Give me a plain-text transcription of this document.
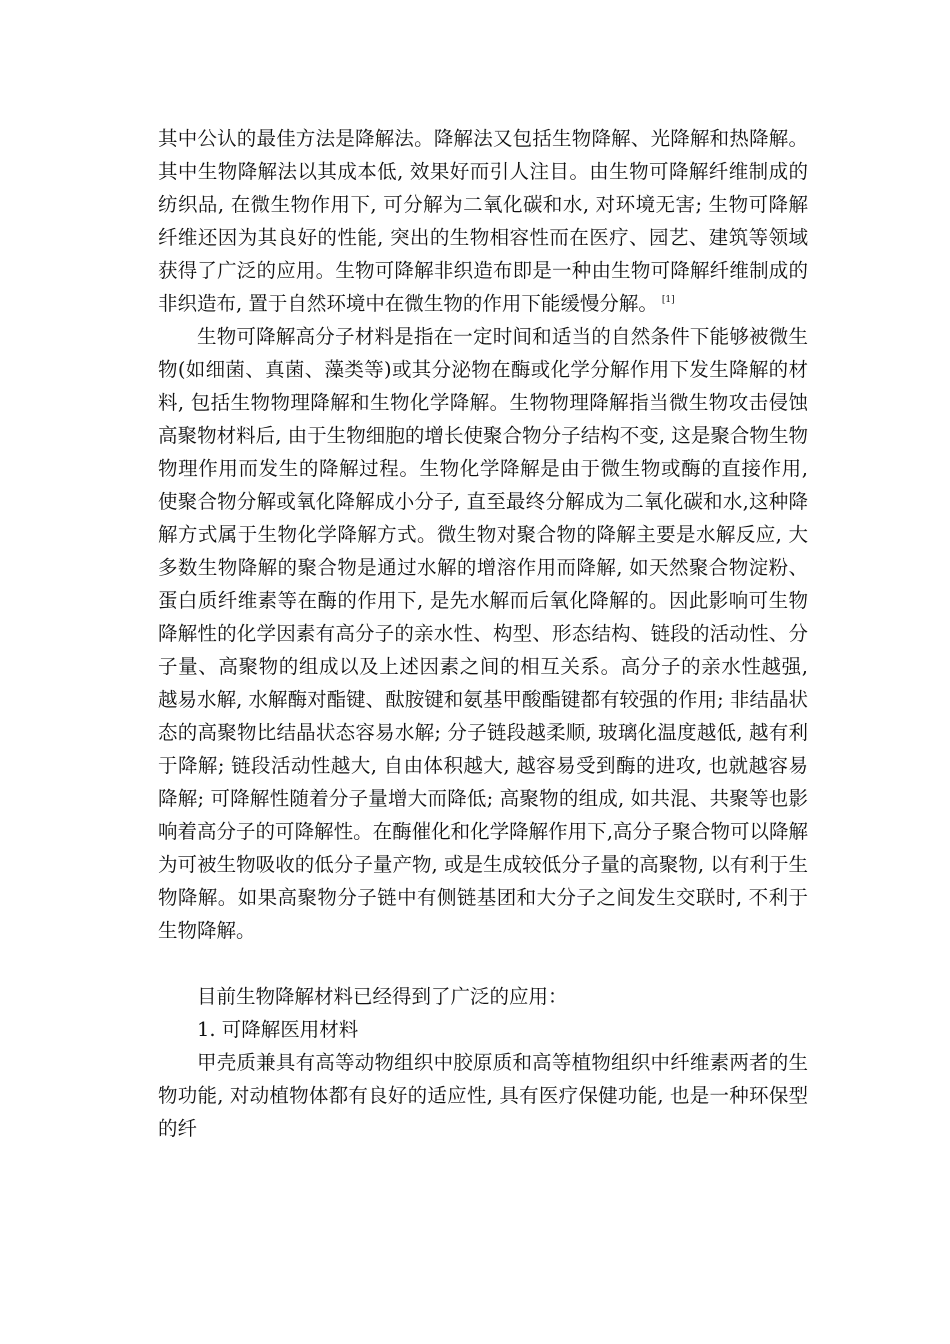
其中公认的最佳方法是降解法。降解法又包括生物降解、光降解和热降解。其中生物降解法以其成本低, 效果好而引人注目。由生物可降解纤维制成的纺织品, 在微生物作用下, 可分解为二氧化碳和水, 对环境无害; 生物可降解纤维还因为其良好的性能, 突出的生物相容性而在医疗、园艺、建筑等领域获得了广泛的应用。生物可降解非织造布即是一种由生物可降解纤维制成的非织造布, 置于自然环境中在微生物的作用下能缓慢分解。 [1]

生物可降解高分子材料是指在一定时间和适当的自然条件下能够被微生物(如细菌、真菌、藻类等)或其分泌物在酶或化学分解作用下发生降解的材料, 包括生物物理降解和生物化学降解。生物物理降解指当微生物攻击侵蚀高聚物材料后, 由于生物细胞的增长使聚合物分子结构不变, 这是聚合物生物物理作用而发生的降解过程。生物化学降解是由于微生物或酶的直接作用, 使聚合物分解或氧化降解成小分子, 直至最终分解成为二氧化碳和水,这种降解方式属于生物化学降解方式。微生物对聚合物的降解主要是水解反应, 大多数生物降解的聚合物是通过水解的增溶作用而降解, 如天然聚合物淀粉、蛋白质纤维素等在酶的作用下, 是先水解而后氧化降解的。因此影响可生物降解性的化学因素有高分子的亲水性、构型、形态结构、链段的活动性、分子量、高聚物的组成以及上述因素之间的相互关系。高分子的亲水性越强, 越易水解, 水解酶对酯键、酞胺键和氨基甲酸酯键都有较强的作用; 非结晶状态的高聚物比结晶状态容易水解; 分子链段越柔顺, 玻璃化温度越低, 越有利于降解; 链段活动性越大, 自由体积越大, 越容易受到酶的进攻, 也就越容易降解; 可降解性随着分子量增大而降低; 高聚物的组成, 如共混、共聚等也影响着高分子的可降解性。在酶催化和化学降解作用下,高分子聚合物可以降解为可被生物吸收的低分子量产物, 或是生成较低分子量的高聚物, 以有利于生物降解。如果高聚物分子链中有侧链基团和大分子之间发生交联时, 不利于生物降解。

目前生物降解材料已经得到了广泛的应用：

1. 可降解医用材料

甲壳质兼具有高等动物组织中胶原质和高等植物组织中纤维素两者的生物功能, 对动植物体都有良好的适应性, 具有医疗保健功能, 也是一种环保型的纤
